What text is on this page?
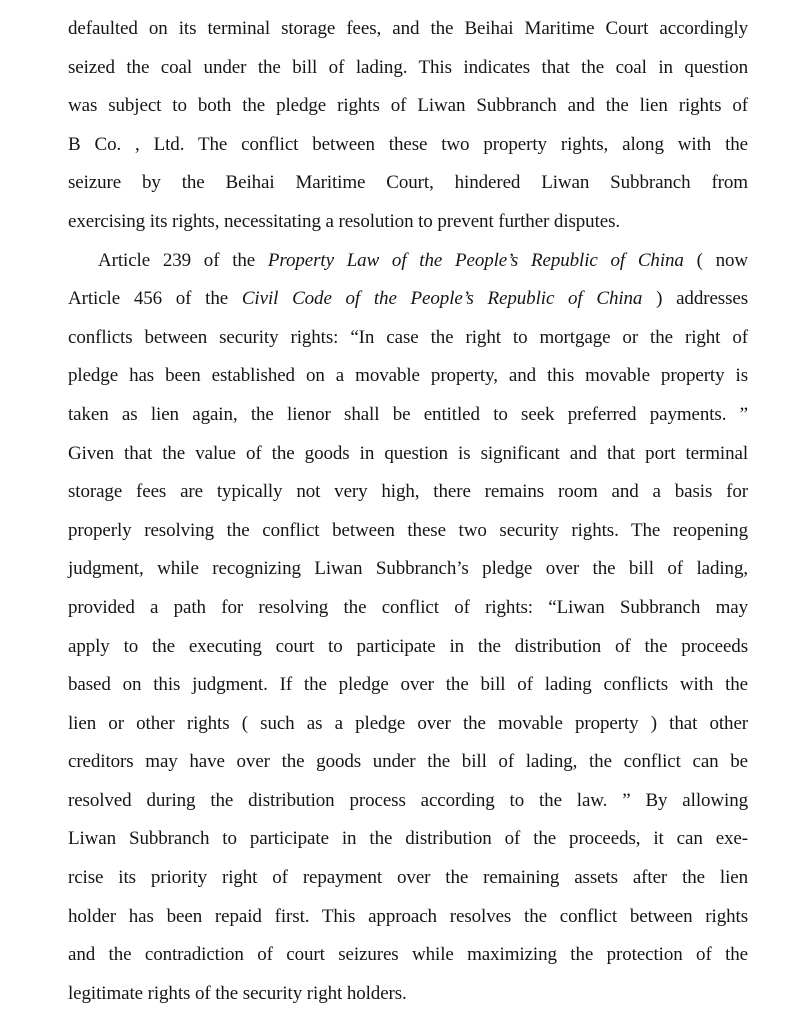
defaulted on its terminal storage fees, and the Beihai Maritime Court accordingly
seized the coal under the bill of lading. This indicates that the coal in question
was subject to both the pledge rights of Liwan Subbranch and the lien rights of
B Co. , Ltd. The conflict between these two property rights, along with the
seizure by the Beihai Maritime Court, hindered Liwan Subbranch from
exercising its rights, necessitating a resolution to prevent further disputes.
Article 239 of the Property Law of the People’s Republic of China ( now
Article 456 of the Civil Code of the People’s Republic of China ) addresses
conflicts between security rights: “In case the right to mortgage or the right of
pledge has been established on a movable property, and this movable property is
taken as lien again, the lienor shall be entitled to seek preferred payments. ”
Given that the value of the goods in question is significant and that port terminal
storage fees are typically not very high, there remains room and a basis for
properly resolving the conflict between these two security rights. The reopening
judgment, while recognizing Liwan Subbranch’s pledge over the bill of lading,
provided a path for resolving the conflict of rights: “Liwan Subbranch may
apply to the executing court to participate in the distribution of the proceeds
based on this judgment. If the pledge over the bill of lading conflicts with the
lien or other rights ( such as a pledge over the movable property ) that other
creditors may have over the goods under the bill of lading, the conflict can be
resolved during the distribution process according to the law. ” By allowing
Liwan Subbranch to participate in the distribution of the proceeds, it can exe-
rcise its priority right of repayment over the remaining assets after the lien
holder has been repaid first. This approach resolves the conflict between rights
and the contradiction of court seizures while maximizing the protection of the
legitimate rights of the security right holders.
